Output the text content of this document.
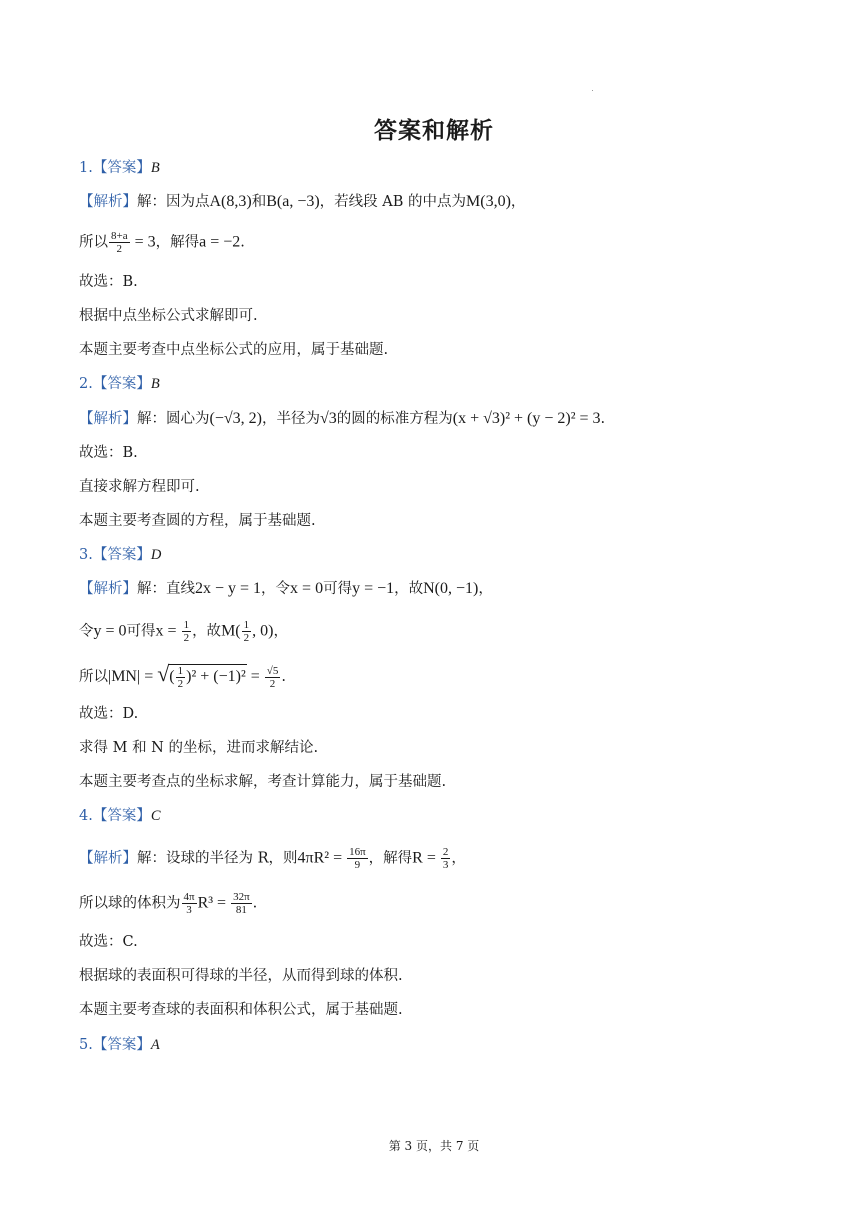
答案和解析
1.【答案】B
【解析】解：因为点A(8,3)和B(a, −3)，若线段 AB 的中点为M(3,0)，
所以 $\frac{8+a}{2} = 3$，解得a = −2.
故选：B.
根据中点坐标公式求解即可.
本题主要考查中点坐标公式的应用，属于基础题.
2.【答案】B
【解析】解：圆心为(−√3, 2)，半径为√3的圆的标准方程为(x + √3)² + (y − 2)² = 3.
故选：B.
直接求解方程即可.
本题主要考查圆的方程，属于基础题.
3.【答案】D
【解析】解：直线2x − y = 1，令x = 0可得y = −1，故N(0, −1)，
令y = 0可得$x = \frac{1}{2}$ ，故$M( \frac{1}{2}$ , 0)，
所以|MN| = √( $\frac{1}{2} )^2 + (-1)^2 = \frac{√5}{2}$ .
故选：D.
求得 M 和 N 的坐标，进而求解结论.
本题主要考查点的坐标求解，考查计算能力，属于基础题.
4.【答案】C
【解析】解：设球的半径为 R，则$4\pi R^2 = \frac{16\pi}{9}$ ，解得$R = \frac{2}{3}$ ，
所以球的体积为 $\frac{4\pi}{3} R^3 = \frac{32\pi}{81}$ .
故选：C.
根据球的表面积可得球的半径，从而得到球的体积.
本题主要考查球的表面积和体积公式，属于基础题.
5.【答案】A
第 3 页，共 7 页
